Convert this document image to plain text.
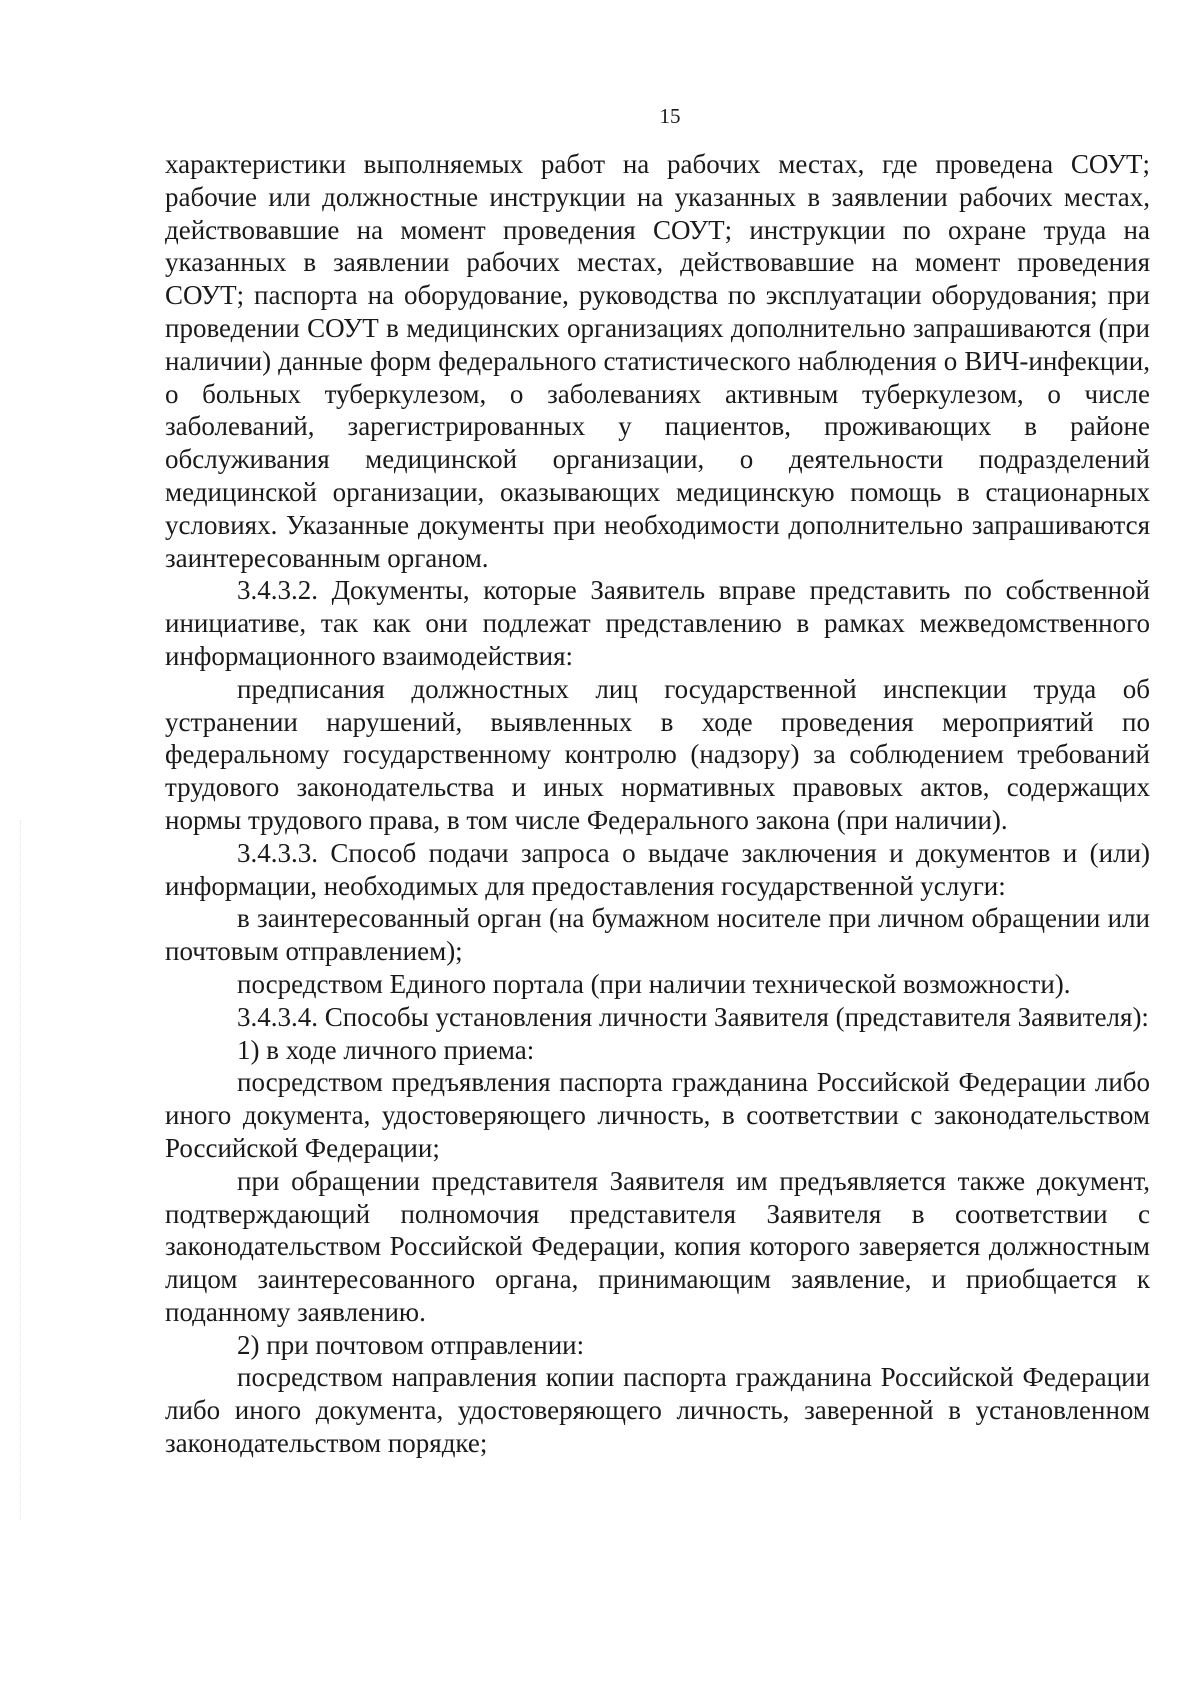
15

характеристики выполняемых работ на рабочих местах, где проведена СОУТ; рабочие или должностные инструкции на указанных в заявлении рабочих местах, действовавшие на момент проведения СОУТ; инструкции по охране труда на указанных в заявлении рабочих местах, действовавшие на момент проведения СОУТ; паспорта на оборудование, руководства по эксплуатации оборудования; при проведении СОУТ в медицинских организациях дополнительно запрашиваются (при наличии) данные форм федерального статистического наблюдения о ВИЧ-инфекции, о больных туберкулезом, о заболеваниях активным туберкулезом, о числе заболеваний, зарегистрированных у пациентов, проживающих в районе обслуживания медицинской организации, о деятельности подразделений медицинской организации, оказывающих медицинскую помощь в стационарных условиях. Указанные документы при необходимости дополнительно запрашиваются заинтересованным органом.

3.4.3.2. Документы, которые Заявитель вправе представить по собственной инициативе, так как они подлежат представлению в рамках межведомственного информационного взаимодействия:

предписания должностных лиц государственной инспекции труда об устранении нарушений, выявленных в ходе проведения мероприятий по федеральному государственному контролю (надзору) за соблюдением требований трудового законодательства и иных нормативных правовых актов, содержащих нормы трудового права, в том числе Федерального закона (при наличии).

3.4.3.3. Способ подачи запроса о выдаче заключения и документов и (или) информации, необходимых для предоставления государственной услуги:

в заинтересованный орган (на бумажном носителе при личном обращении или почтовым отправлением);

посредством Единого портала (при наличии технической возможности).

3.4.3.4. Способы установления личности Заявителя (представителя Заявителя):

1) в ходе личного приема:

посредством предъявления паспорта гражданина Российской Федерации либо иного документа, удостоверяющего личность, в соответствии с законодательством Российской Федерации;

при обращении представителя Заявителя им предъявляется также документ, подтверждающий полномочия представителя Заявителя в соответствии с законодательством Российской Федерации, копия которого заверяется должностным лицом заинтересованного органа, принимающим заявление, и приобщается к поданному заявлению.

2) при почтовом отправлении:

посредством направления копии паспорта гражданина Российской Федерации либо иного документа, удостоверяющего личность, заверенной в установленном законодательством порядке;
